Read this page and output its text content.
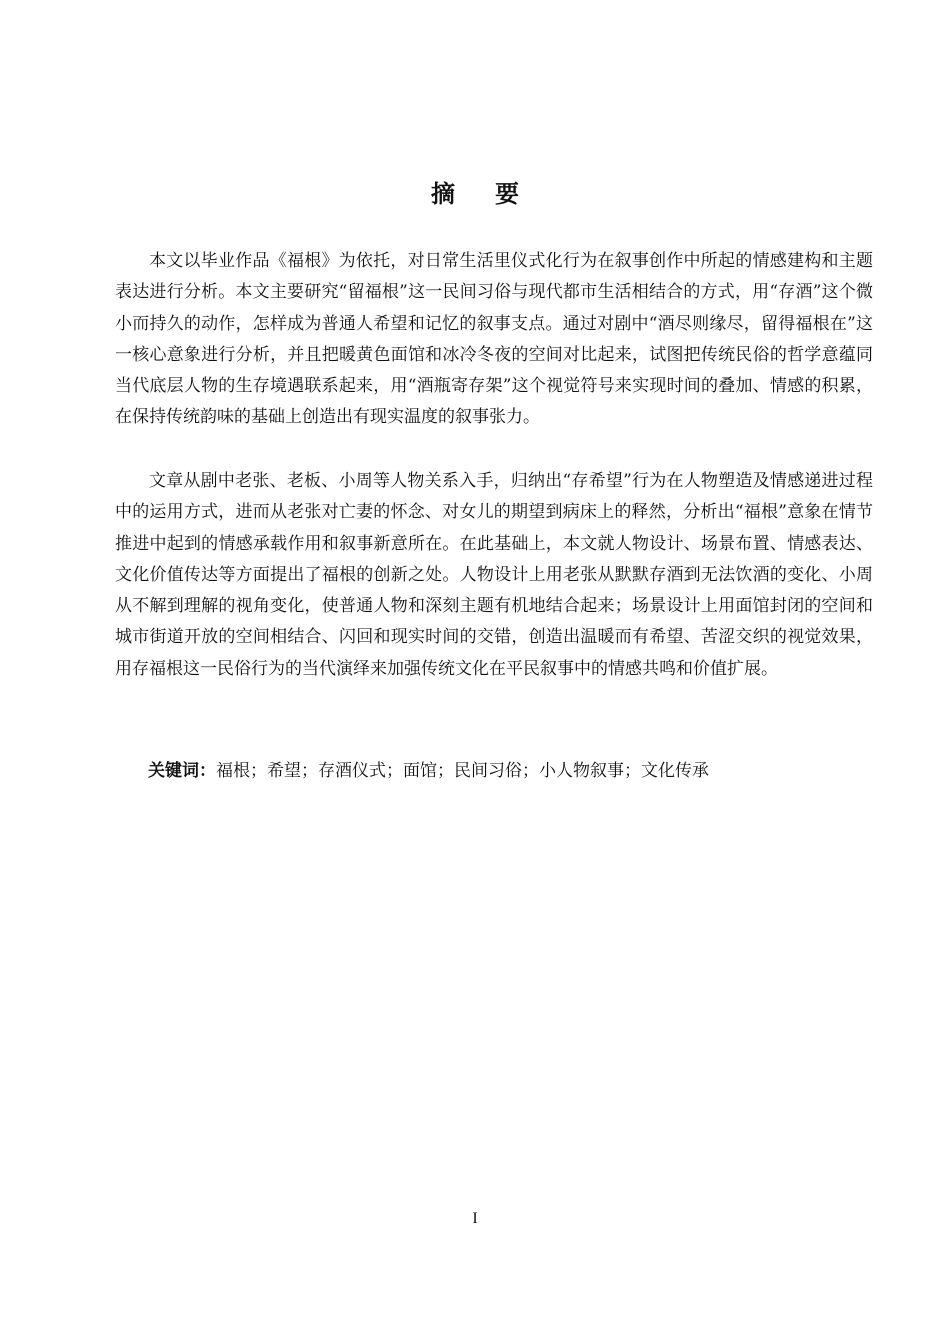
摘要

本文以毕业作品《福根》为依托，对日常生活里仪式化行为在叙事创作中所起的情感建构和主题表达进行分析。本文主要研究“留福根”这一民间习俗与现代都市生活相结合的方式，用“存酒”这个微小而持久的动作，怎样成为普通人希望和记忆的叙事支点。通过对剧中“酒尽则缘尽，留得福根在”这一核心意象进行分析，并且把暖黄色面馆和冰冷冬夜的空间对比起来，试图把传统民俗的哲学意蕴同当代底层人物的生存境遇联系起来，用“酒瓶寄存架”这个视觉符号来实现时间的叠加、情感的积累，在保持传统韵味的基础上创造出有现实温度的叙事张力。

文章从剧中老张、老板、小周等人物关系入手，归纳出“存希望”行为在人物塑造及情感递进过程中的运用方式，进而从老张对亡妻的怀念、对女儿的期望到病床上的释然，分析出“福根”意象在情节推进中起到的情感承载作用和叙事新意所在。在此基础上，本文就人物设计、场景布置、情感表达、文化价值传达等方面提出了福根的创新之处。人物设计上用老张从默默存酒到无法饮酒的变化、小周从不解到理解的视角变化，使普通人物和深刻主题有机地结合起来；场景设计上用面馆封闭的空间和城市街道开放的空间相结合、闪回和现实时间的交错，创造出温暖而有希望、苦涩交织的视觉效果，用存福根这一民俗行为的当代演绎来加强传统文化在平民叙事中的情感共鸣和价值扩展。

关键词：福根；希望；存酒仪式；面馆；民间习俗；小人物叙事；文化传承
I
